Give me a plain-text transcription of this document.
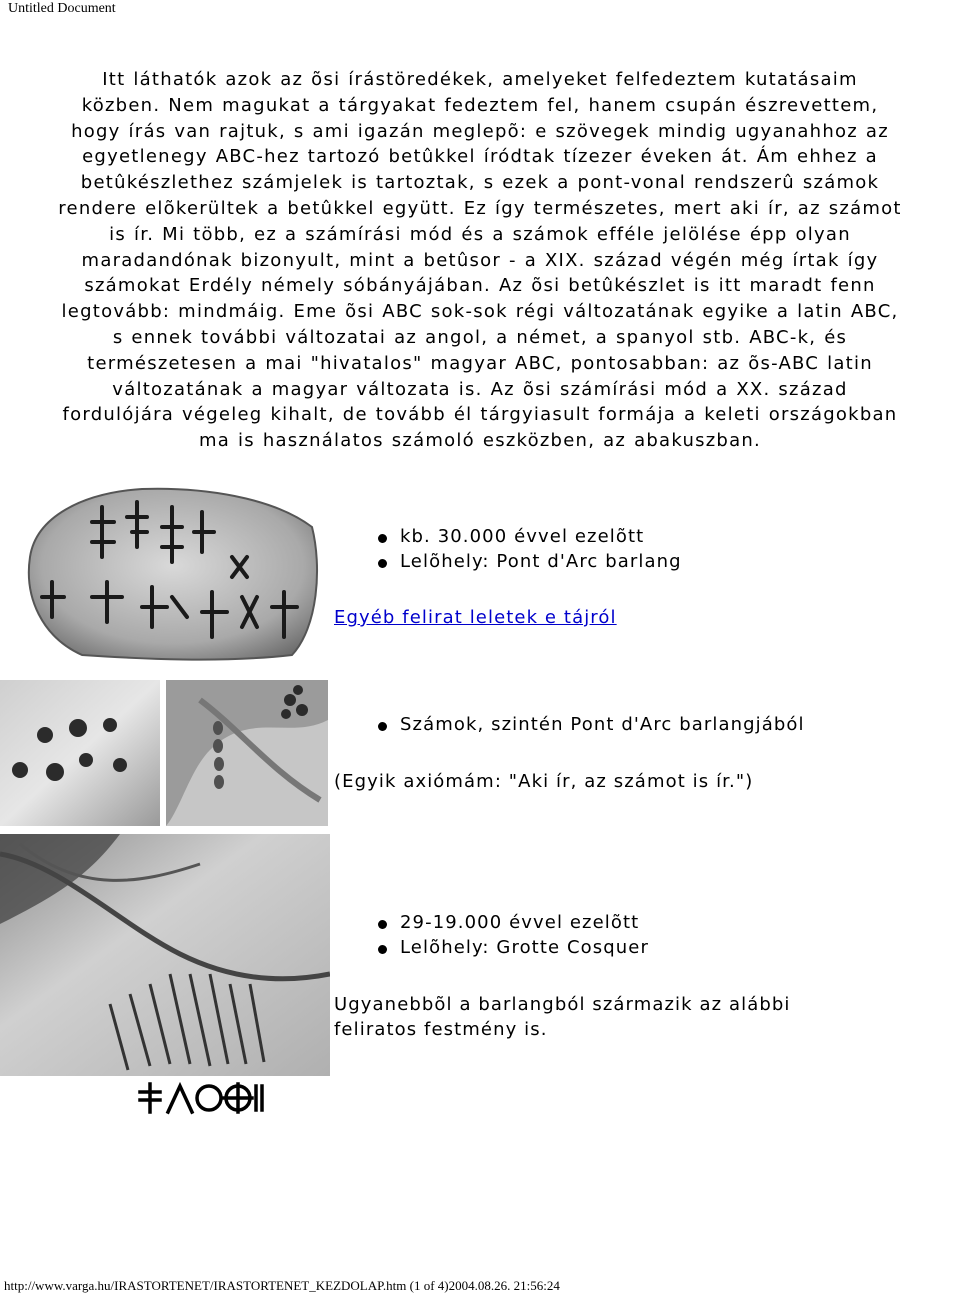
Untitled Document
Itt láthatók azok az õsi írástöredékek, amelyeket felfedeztem kutatásaim
közben. Nem magukat a tárgyakat fedeztem fel, hanem csupán észrevettem,
hogy írás van rajtuk, s ami igazán meglepõ: e szövegek mindig ugyanahhoz az
egyetlenegy ABC-hez tartozó betûkkel íródtak tízezer éveken át. Ám ehhez a
betûkészlethez számjelek is tartoztak, s ezek a pont-vonal rendszerû számok
rendere elõkerültek a betûkkel együtt. Ez így természetes, mert aki ír, az számot
is ír. Mi több, ez a számírási mód és a számok efféle jelölése épp olyan
maradandónak bizonyult, mint a betûsor - a XIX. század végén még írtak így
számokat Erdély némely sóbányájában. Az õsi betûkészlet is itt maradt fenn
legtovább: mindmáig. Eme õsi ABC sok-sok régi változatának egyike a latin ABC,
s ennek további változatai az angol, a német, a spanyol stb. ABC-k, és
természetesen a mai "hivatalos" magyar ABC, pontosabban: az õs-ABC latin
változatának a magyar változata is. Az õsi számírási mód a XX. század
fordulójára végeleg kihalt, de tovább él tárgyiasult formája a keleti országokban
ma is használatos számoló eszközben, az abakuszban.
kb. 30.000 évvel ezelõtt
Lelõhely: Pont d'Arc barlang
Egyéb felirat leletek e tájról
Számok, szintén Pont d'Arc barlangjából
(Egyik axiómám: "Aki ír, az számot is ír.")
29-19.000 évvel ezelõtt
Lelõhely: Grotte Cosquer
Ugyanebbõl a barlangból származik az alábbi
feliratos festmény is.
http://www.varga.hu/IRASTORTENET/IRASTORTENET_KEZDOLAP.htm (1 of 4)2004.08.26. 21:56:24
